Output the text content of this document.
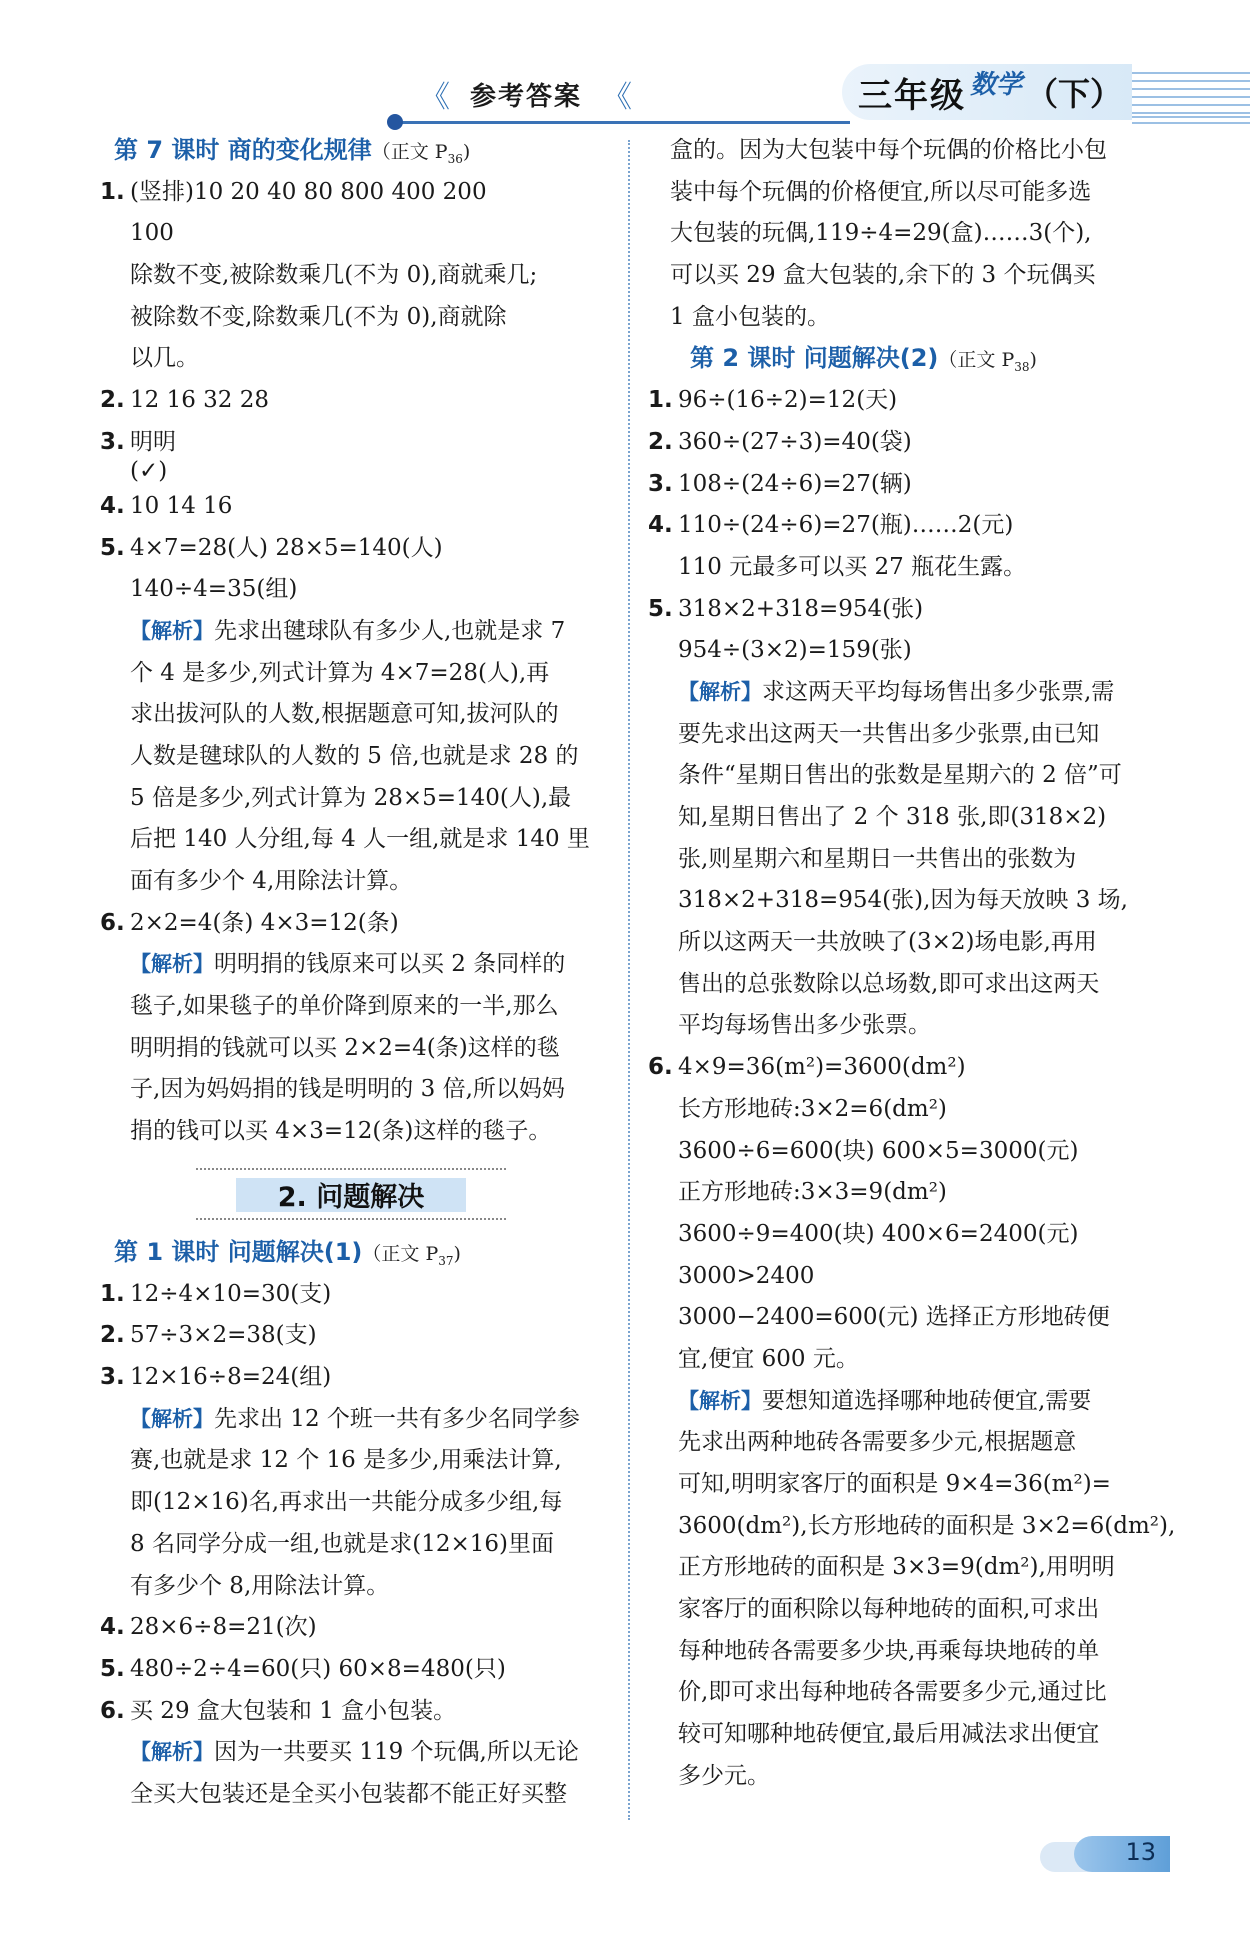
《 参考答案 《	三年级 数学 （下）
第 7 课时 商的变化规律（正文 $P_{36}$)
1. (竖排)10 20 40 80 800 400 200
100
除数不变,被除数乘几(不为 0),商就乘几;
被除数不变,除数乘几(不为 0),商就除
以几。
2. 12 16 32 28
3. 明明
(✓)
4. 10 14 16
5. 4×7=28(人) 28×5=140(人)
140÷4=35(组)
【解析】先求出毽球队有多少人,也就是求 7
个 4 是多少,列式计算为 4×7=28(人),再
求出拔河队的人数,根据题意可知,拔河队的
人数是毽球队的人数的 5 倍,也就是求 28 的
5 倍是多少,列式计算为 28×5=140(人),最
后把 140 人分组,每 4 人一组,就是求 140 里
面有多少个 4,用除法计算。
6. 2×2=4(条) 4×3=12(条)
【解析】明明捐的钱原来可以买 2 条同样的
毯子,如果毯子的单价降到原来的一半,那么
明明捐的钱就可以买 2×2=4(条)这样的毯
子,因为妈妈捐的钱是明明的 3 倍,所以妈妈
捐的钱可以买 4×3=12(条)这样的毯子。
2. 问题解决
第 1 课时 问题解决(1)（正文 $P_{37}$)
1. 12÷4×10=30(支)
2. 57÷3×2=38(支)
3. 12×16÷8=24(组)
【解析】先求出 12 个班一共有多少名同学参
赛,也就是求 12 个 16 是多少,用乘法计算,
即(12×16)名,再求出一共能分成多少组,每
8 名同学分成一组,也就是求(12×16)里面
有多少个 8,用除法计算。
4. 28×6÷8=21(次)
5. 480÷2÷4=60(只) 60×8=480(只)
6. 买 29 盒大包装和 1 盒小包装。
【解析】因为一共要买 119 个玩偶,所以无论
全买大包装还是全买小包装都不能正好买整
盒的。因为大包装中每个玩偶的价格比小包
装中每个玩偶的价格便宜,所以尽可能多选
大包装的玩偶,119÷4=29(盒)……3(个),
可以买 29 盒大包装的,余下的 3 个玩偶买
1 盒小包装的。
第 2 课时 问题解决(2)（正文 $P_{38}$)
1. 96÷(16÷2)=12(天)
2. 360÷(27÷3)=40(袋)
3. 108÷(24÷6)=27(辆)
4. 110÷(24÷6)=27(瓶)……2(元)
110 元最多可以买 27 瓶花生露。
5. 318×2+318=954(张)
954÷(3×2)=159(张)
【解析】求这两天平均每场售出多少张票,需
要先求出这两天一共售出多少张票,由已知
条件“星期日售出的张数是星期六的 2 倍”可
知,星期日售出了 2 个 318 张,即(318×2)
张,则星期六和星期日一共售出的张数为
318×2+318=954(张),因为每天放映 3 场,
所以这两天一共放映了(3×2)场电影,再用
售出的总张数除以总场数,即可求出这两天
平均每场售出多少张票。
6. 4×9=36(m²)=3600(dm²)
长方形地砖:3×2=6(dm²)
3600÷6=600(块) 600×5=3000(元)
正方形地砖:3×3=9(dm²)
3600÷9=400(块) 400×6=2400(元)
3000>2400
3000−2400=600(元) 选择正方形地砖便
宜,便宜 600 元。
【解析】要想知道选择哪种地砖便宜,需要
先求出两种地砖各需要多少元,根据题意
可知,明明家客厅的面积是 9×4=36(m²)=
3600(dm²),长方形地砖的面积是 3×2=6(dm²),
正方形地砖的面积是 3×3=9(dm²),用明明
家客厅的面积除以每种地砖的面积,可求出
每种地砖各需要多少块,再乘每块地砖的单
价,即可求出每种地砖各需要多少元,通过比
较可知哪种地砖便宜,最后用减法求出便宜
多少元。
13
